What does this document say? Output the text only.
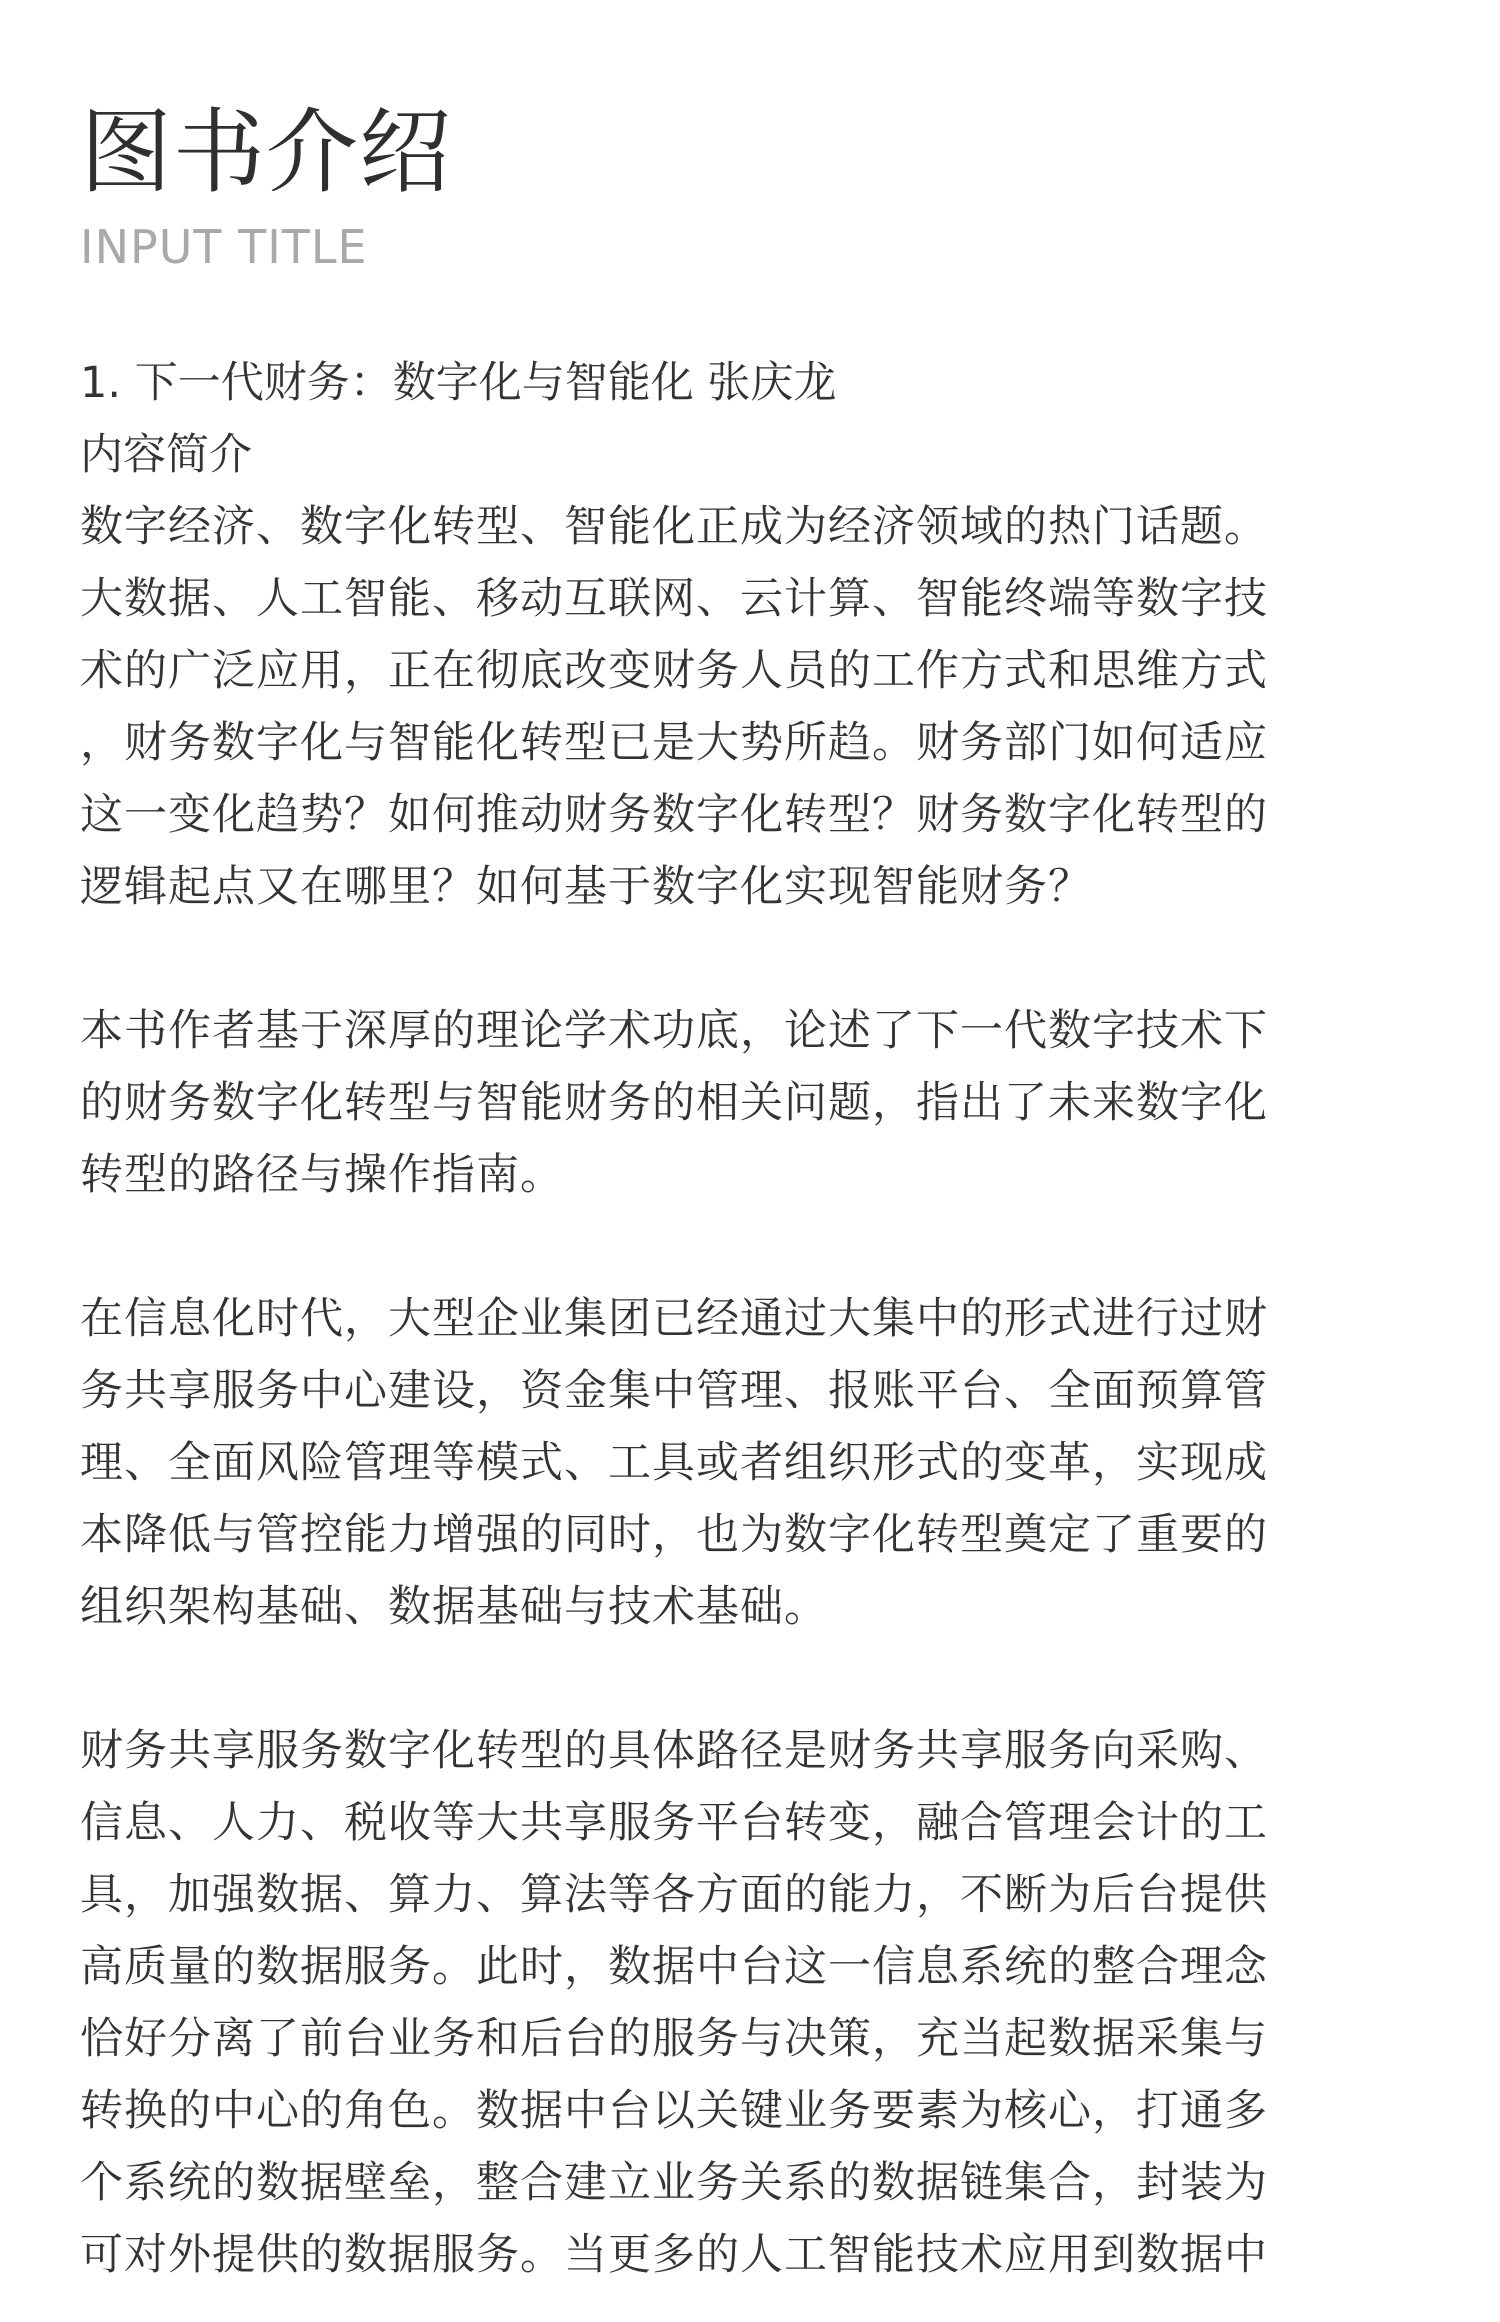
图书介绍
INPUT TITLE
1. 下一代财务：数字化与智能化 张庆龙
内容简介

数字经济、数字化转型、智能化正成为经济领域的热门话题。
大数据、人工智能、移动互联网、云计算、智能终端等数字技
术的广泛应用，正在彻底改变财务人员的工作方式和思维方式
，财务数字化与智能化转型已是大势所趋。财务部门如何适应
这一变化趋势？如何推动财务数字化转型？财务数字化转型的
逻辑起点又在哪里？如何基于数字化实现智能财务？

本书作者基于深厚的理论学术功底，论述了下一代数字技术下
的财务数字化转型与智能财务的相关问题，指出了未来数字化
转型的路径与操作指南。

在信息化时代，大型企业集团已经通过大集中的形式进行过财
务共享服务中心建设，资金集中管理、报账平台、全面预算管
理、全面风险管理等模式、工具或者组织形式的变革，实现成
本降低与管控能力增强的同时，也为数字化转型奠定了重要的
组织架构基础、数据基础与技术基础。

财务共享服务数字化转型的具体路径是财务共享服务向采购、
信息、人力、税收等大共享服务平台转变，融合管理会计的工
具，加强数据、算力、算法等各方面的能力，不断为后台提供
高质量的数据服务。此时，数据中台这一信息系统的整合理念
恰好分离了前台业务和后台的服务与决策，充当起数据采集与
转换的中心的角色。数据中台以关键业务要素为核心，打通多
个系统的数据壁垒，整合建立业务关系的数据链集合，封装为
可对外提供的数据服务。当更多的人工智能技术应用到数据中
